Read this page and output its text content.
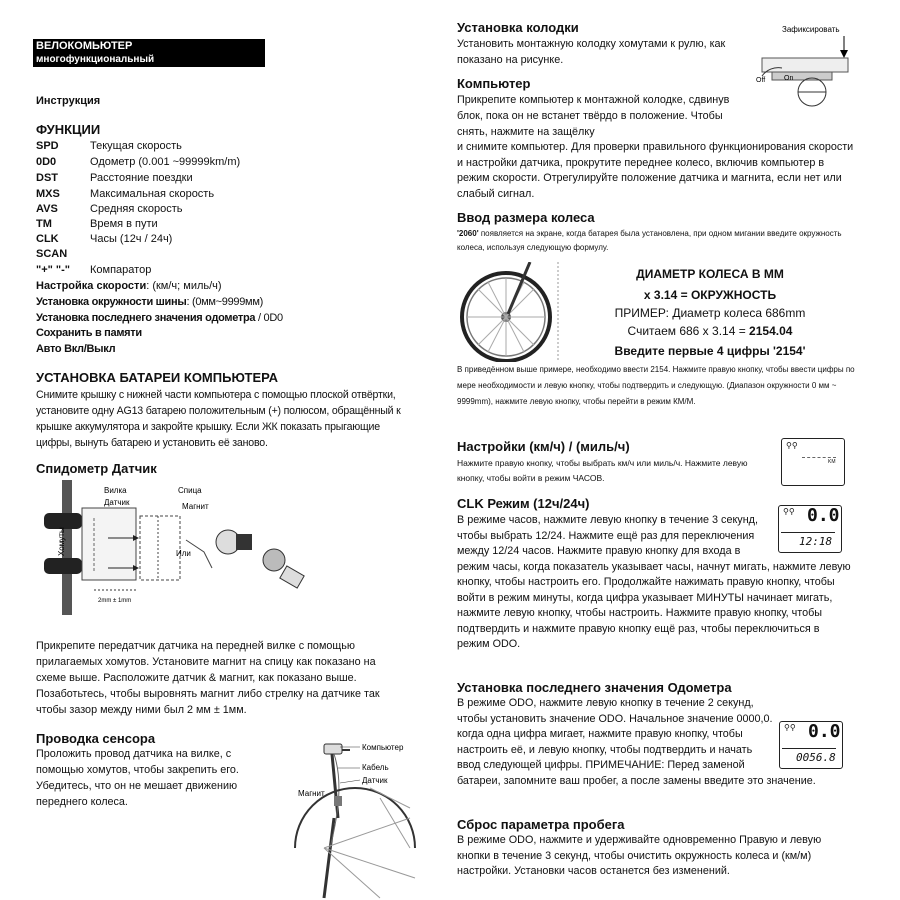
ВЕЛОКОМЬЮТЕР
многофункциональный
Инструкция
ФУНКЦИИ
SPD	Текущая скорость
0D0	Одометр (0.001 ~99999km/m)
DST	Расстояние поездки
MXS	Максимальная скорость
AVS	Средняя скорость
TM	Время в пути
CLK	Часы (12ч / 24ч)
SCAN
"+" "-" Компаратор
Настройка скорости: (км/ч; миль/ч)
Установка окружности шины: (0мм~9999мм)
Установка последнего значения одометра / 0D0
Сохранить в памяти
Авто Вкл/Выкл
УСТАНОВКА БАТАРЕИ КОМПЬЮТЕРА
Снимите крышку с нижней части компьютера с помощью плоской отвёртки, установите одну AG13 батарею положительным (+) полюсом, обращённый к крышке аккумулятора и закройте крышку. Если ЖК показать прыгающие цифры, вынуть батарею и установить её заново.
Спидометр Датчик
Вилка
Датчик
Спица
Магнит
Или
2mm ± 1mm
Хомуты
Прикрепите передатчик датчика на передней вилке с помощью прилагаемых хомутов. Установите магнит на спицу как показано на схеме выше. Расположите датчик & магнит, как показано выше. Позаботьтесь, чтобы выровнять магнит либо стрелку на датчике так чтобы зазор между ними был 2 мм ± 1мм.
Проводка сенсора
Проложить провод датчика на вилке, с помощью хомутов, чтобы закрепить его. Убедитесь, что он не мешает движению переднего колеса.
Компьютер
Кабель
Датчик
Магнит
Установка колодки
Установить монтажную колодку хомутами к рулю, как показано на рисунке.
Зафиксировать
Off	On
Компьютер
Прикрепите компьютер к монтажной колодке, сдвинув блок, пока он не встанет твёрдо в положение. Чтобы снять, нажмите на защёлку
и снимите компьютер. Для проверки правильного функционирования скорости и настройки датчика, прокрутите переднее колесо, включив компьютер в режим скорости. Отрегулируйте положение датчика и магнита, если нет или слабый сигнал.
Ввод размера колеса
'2060' появляется на экране, когда батарея была установлена, при одном мигании введите окружность колеса, используя следующую формулу.
ДИАМЕТР КОЛЕСА В ММ
x 3.14 = ОКРУЖНОСТЬ
ПРИМЕР: Диаметр колеса 686mm
Считаем 686 x 3.14 = 2154.04
Введите первые 4 цифры '2154'
В приведённом выше примере, необходимо ввести 2154. Нажмите правую кнопку, чтобы ввести цифры по мере необходимости и левую кнопку, чтобы подтвердить и следующую. (Диапазон окружности 0 мм ~ 9999mm), нажмите левую кнопку, чтобы перейти в режим КМ/М.
Настройки (км/ч) / (миль/ч)
Нажмите правую кнопку, чтобы выбрать км/ч или миль/ч. Нажмите левую кнопку, чтобы войти в режим ЧАСОВ.
⚲⚲
KM
CLK Режим (12ч/24ч)
В режиме часов, нажмите левую кнопку в течение 3 секунд, чтобы выбрать 12/24. Нажмите ещё раз для переключения между 12/24 часов. Нажмите правую кнопку для входа в режим часы, когда показатель указывает часы, начнут мигать, нажмите левую кнопку, чтобы настроить его. Продолжайте нажимать правую кнопку, чтобы войти в режим минуты, когда цифра указывает МИНУТЫ начинает мигать, нажмите левую кнопку, чтобы настроить. Нажмите правую кнопку, чтобы подтвердить и нажмите правую кнопку ещё раз, чтобы переключиться в режим ODO.
⚲⚲ 0.0
12:18
Установка последнего значения Одометра
В режиме ODO, нажмите левую кнопку в течение 2 секунд, чтобы установить значение ODO. Начальное значение 0000,0. когда одна цифра мигает, нажмите правую кнопку, чтобы настроить её, и левую кнопку, чтобы подтвердить и начать ввод следующей цифры. ПРИМЕЧАНИЕ: Перед заменой батареи, запомните ваш пробег, а после замены введите это значение.
⚲⚲ 0.0
0056.8
Сброс параметра пробега
В режиме ODO, нажмите и удерживайте одновременно Правую и левую кнопки в течение 3 секунд, чтобы очистить окружность колеса и (км/м) настройки. Установки часов останется без изменений.
